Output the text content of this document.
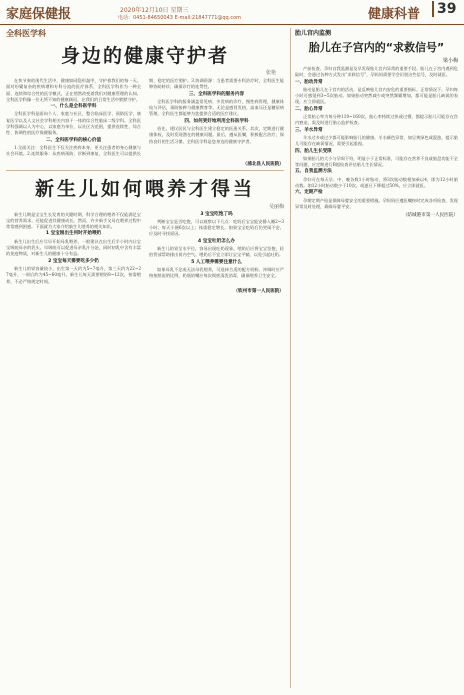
家庭保健报	2020年12月10日 星期三
电话：0451-84650043 E-mail:21847771@qq.com	健康科普	39
全科医学科
身边的健康守护者
张艳

在快节奏的现代生活中，健康如同隐形盔甲，守护着我们的每一天。面对纷繁复杂的疾病谱和专科分流的医疗体系，全科医学科作为一种全面、连续和综合性的医学模式，正在悄然改变着我们对健康管理的认知。全科医学科像一位无所不知的健康顾问，在我们的日常生活中默默守护。

一、什么是全科医学科

全科医学科是面向个人、家庭与社区，整合临床医学、预防医学、康复医学以及人文社会学科相关内容于一体的综合性临床二级学科。全科医学科强调以人为中心，以家庭为单位，以社区为范围，提供连续性、综合性、协调性的医疗保健服务。

二、全科医学科的核心价值

1.全面关注：全科医生不仅关注疾病本身，更关注患者的身心健康与社会环境。2.连续服务：从疾病预防、诊断到康复，全科医生可以提供长期、稳定的医疗照护。3.协调资源：当患者需要专科治疗时，全科医生能够协助转诊，确保诊疗的连贯性。

三、全科医学科的服务内容

全科医学科的服务涵盖常见病、多发病的诊疗，慢性病管理，健康体检与评估，预防接种与健康教育等。无论是感冒发热、高血压还是糖尿病管理，全科医生都能够为您提供合适的医疗建议。

四、如何更好地利用全科医学科

首先，建议居民与全科医生建立稳定的医患关系。其次，定期进行健康体检，及时发现潜在的健康问题。最后，遵从医嘱，积极配合治疗，保持良好的生活习惯。全科医学科是您身边的健康守护者。

（浦北县人民医院）
新生儿如何喂养才得当
吴丽梅

新生儿期是宝宝生长发育的关键时期，科学合理的喂养不仅能满足宝宝的营养需求，还能促进其健康成长。然而，许多新手父母在喂养过程中常常感到困惑。下面就为大家介绍新生儿喂养的相关知识。

1 宝宝刚出生何时开始喂奶

新生儿出生后应尽早开始母乳喂养，一般建议在出生后半小时内让宝宝吸吮母亲的乳头。早吸吮可以促进母亲乳汁分泌，同时初乳中含有丰富的免疫物质，对新生儿的健康十分有益。

2 宝宝每天需要吃多少奶

新生儿的胃容量较小，出生第一天约为5~7毫升，第三天约为22~27毫升，一周后约为45~60毫升。新生儿每天需要喂奶8~12次，按需喂养，不必严格规定时间。

3 宝宝吃饱了吗

判断宝宝是否吃饱，可以观察以下几点：吃奶后宝宝能安静入睡2~3小时；每天小便6次以上；体重稳定增长。如果宝宝吃奶后仍哭闹不安，应及时寻找原因。

4 宝宝吐奶怎么办

新生儿的胃呈水平位，容易出现吐奶现象。喂奶后应将宝宝竖抱，轻拍背部帮助排出胃内空气。喂奶后不宜立即让宝宝平躺，以免引起吐奶。

5 人工喂养需要注意什么

如果母乳不足或无法母乳喂养，可选择合适的配方奶粉。冲调时应严格按照说明比例，奶瓶奶嘴应每次彻底清洗消毒，确保喂养卫生安全。

（钦州市第一人民医院）
胎儿宫内监测
胎儿在子宫内的“求救信号”
梁小梅

产前检查、孕妇自我监测是及早发现胎儿宫内异常的重要手段。胎儿在子宫内遇到危险时，会通过各种方式发出“求救信号”，孕妈妈需要学会识别这些信号，及时就医。

一、胎动异常

胎动是胎儿在子宫内的活动，是反映胎儿宫内安危的重要指标。正常情况下，孕妇每小时可感觉到3~5次胎动。如果胎动突然减少或突然频繁增加，都可能是胎儿缺氧的表现，应立即就医。

二、胎心异常

正常胎心率为每分钟110~160次。胎心率持续过快或过慢，都提示胎儿可能存在宫内窘迫，需及时进行胎心监护检查。

三、羊水异常

羊水过多或过少都可能影响胎儿的健康。羊水颜色异常，如呈黄绿色或混浊，提示胎儿可能存在缺氧情况，需要引起重视。

四、胎儿生长受限

如果胎儿的大小与孕周不符，明显小于正常标准，可能存在营养不良或胎盘功能不全等问题，应定期进行B超检查评估胎儿生长情况。

五、自我监测方法

孕妇可在每天早、中、晚各数1小时胎动，将3次胎动数相加乘以4，即为12小时胎动数。如12小时胎动数少于10次，或逐日下降超过50%，应立即就医。

六、定期产检

孕期定期产检是保障母婴安全的重要措施。孕妈妈应遵医嘱按时完成各项检查，发现异常及时处理，确保母婴平安。

（防城港市第一人民医院）
